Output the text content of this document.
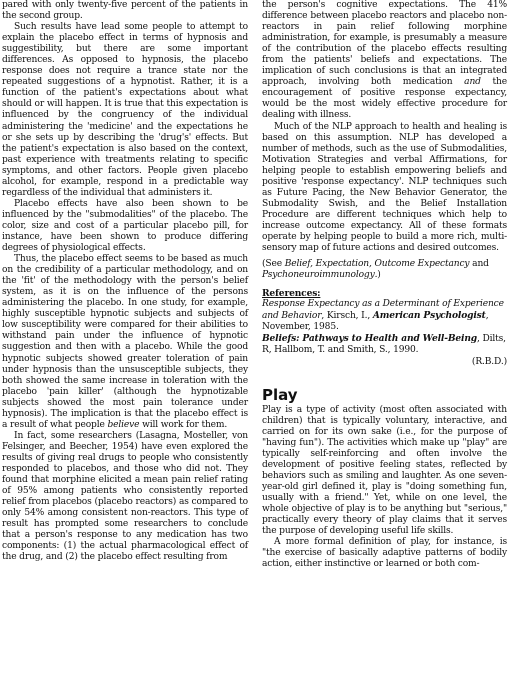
pared with only twenty-five percent of the patients in the second group.

Such results have lead some people to attempt to explain the placebo effect in terms of hypnosis and suggestibility, but there are some important differences. As opposed to hypnosis, the placebo response does not require a trance state nor the repeated suggestions of a hypnotist. Rather, it is a function of the patient's expectations about what should or will happen. It is true that this expectation is influenced by the congruency of the individual administering the 'medicine' and the expectations he or she sets up by describing the 'drug's' effects. But the patient's expectation is also based on the context, past experience with treatments relating to specific symptoms, and other factors. People given placebo alcohol, for example, respond in a predictable way regardless of the individual that administers it.

Placebo effects have also been shown to be influenced by the "submodalities" of the placebo. The color, size and cost of a particular placebo pill, for instance, have been shown to produce differing degrees of physiological effects.

Thus, the placebo effect seems to be based as much on the credibility of a particular methodology, and on the 'fit' of the methodology with the person's belief system, as it is on the influence of the persons administering the placebo. In one study, for example, highly susceptible hypnotic subjects and subjects of low susceptibility were compared for their abilities to withstand pain under the influence of hypnotic suggestion and then with a placebo. While the good hypnotic subjects showed greater toleration of pain under hypnosis than the unsusceptible subjects, they both showed the same increase in toleration with the placebo 'pain killer' (although the hypnotizable subjects showed the most pain tolerance under hypnosis). The implication is that the placebo effect is a result of what people believe will work for them.

In fact, some researchers (Lasagna, Mosteller, von Felsinger, and Beecher, 1954) have even explored the results of giving real drugs to people who consistently responded to placebos, and those who did not. They found that morphine elicited a mean pain relief rating of 95% among patients who consistently reported relief from placebos (placebo reactors) as compared to only 54% among consistent non-reactors. This type of result has prompted some researchers to conclude that a person's response to any medication has two components: (1) the actual pharmacological effect of the drug, and (2) the placebo effect resulting from

the person's cognitive expectations. The 41% difference between placebo reactors and placebo non-reactors in pain relief following morphine administration, for example, is presumably a measure of the contribution of the placebo effects resulting from the patients' beliefs and expectations. The implication of such conclusions is that an integrated approach, involving both medication and the encouragement of positive response expectancy, would be the most widely effective procedure for dealing with illness.

Much of the NLP approach to health and healing is based on this assumption. NLP has developed a number of methods, such as the use of Submodalities, Motivation Strategies and verbal Affirmations, for helping people to establish empowering beliefs and positive 'response expectancy'. NLP techniques such as Future Pacing, the New Behavior Generator, the Submodality Swish, and the Belief Installation Procedure are different techniques which help to increase outcome expectancy. All of these formats operate by helping people to build a more rich, multi-sensory map of future actions and desired outcomes.

(See Belief, Expectation, Outcome Expectancy and Psychoneuroimmunology.)

References:

Response Expectancy as a Determinant of Experience and Behavior, Kirsch, I., American Psychologist, November, 1985.

Beliefs: Pathways to Health and Well-Being, Dilts, R, Hallbom, T. and Smith, S., 1990.

(R.B.D.)

Play

Play is a type of activity (most often associated with children) that is typically voluntary, interactive, and carried on for its own sake (i.e., for the purpose of "having fun"). The activities which make up "play" are typically self-reinforcing and often involve the development of positive feeling states, reflected by behaviors such as smiling and laughter. As one seven-year-old girl defined it, play is "doing something fun, usually with a friend." Yet, while on one level, the whole objective of play is to be anything but "serious," practically every theory of play claims that it serves the purpose of developing useful life skills.

A more formal definition of play, for instance, is "the exercise of basically adaptive patterns of bodily action, either instinctive or learned or both com-
